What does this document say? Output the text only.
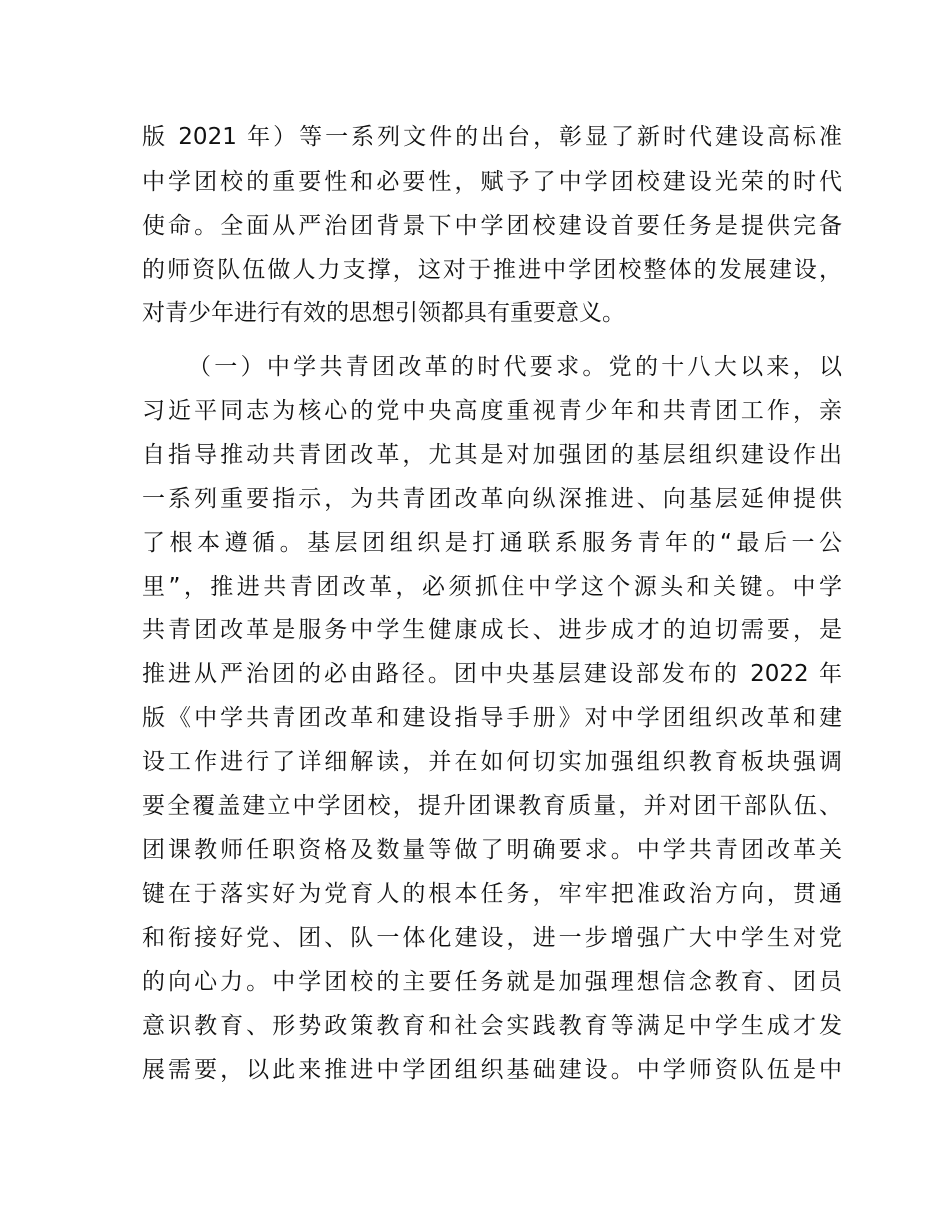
版 2021 年）等一系列文件的出台，彰显了新时代建设高标准
中学团校的重要性和必要性，赋予了中学团校建设光荣的时代
使命。全面从严治团背景下中学团校建设首要任务是提供完备
的师资队伍做人力支撑，这对于推进中学团校整体的发展建设，
对青少年进行有效的思想引领都具有重要意义。
（一）中学共青团改革的时代要求。党的十八大以来，以
习近平同志为核心的党中央高度重视青少年和共青团工作，亲
自指导推动共青团改革，尤其是对加强团的基层组织建设作出
一系列重要指示，为共青团改革向纵深推进、向基层延伸提供
了根本遵循。基层团组织是打通联系服务青年的“最后一公
里”，推进共青团改革，必须抓住中学这个源头和关键。中学
共青团改革是服务中学生健康成长、进步成才的迫切需要，是
推进从严治团的必由路径。团中央基层建设部发布的 2022 年
版《中学共青团改革和建设指导手册》对中学团组织改革和建
设工作进行了详细解读，并在如何切实加强组织教育板块强调
要全覆盖建立中学团校，提升团课教育质量，并对团干部队伍、
团课教师任职资格及数量等做了明确要求。中学共青团改革关
键在于落实好为党育人的根本任务，牢牢把准政治方向，贯通
和衔接好党、团、队一体化建设，进一步增强广大中学生对党
的向心力。中学团校的主要任务就是加强理想信念教育、团员
意识教育、形势政策教育和社会实践教育等满足中学生成才发
展需要，以此来推进中学团组织基础建设。中学师资队伍是中
